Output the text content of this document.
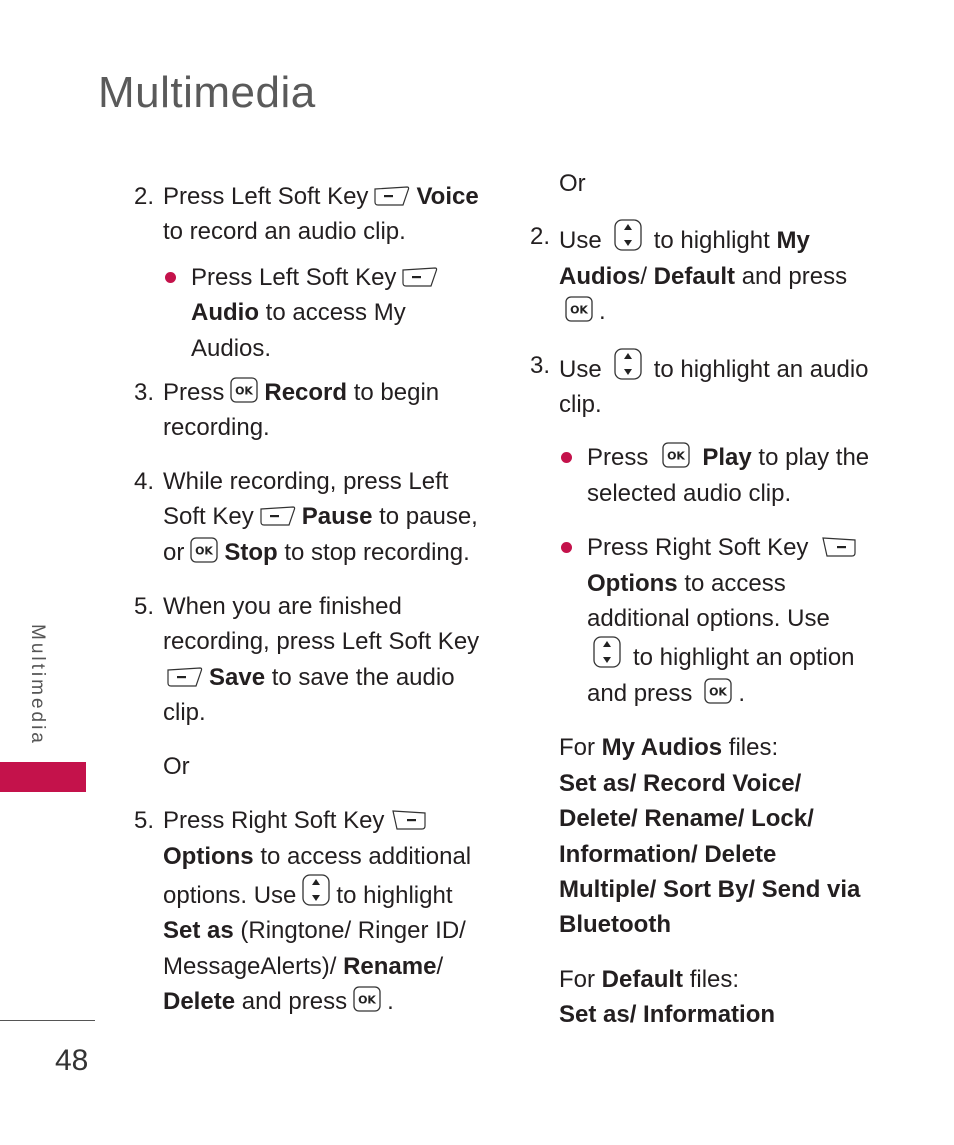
Multimedia
Multimedia
48

2. Press Left Soft Key Voice to record an audio clip.

Press Left Soft Key

Audio to access My Audios.

3. Press Record to begin recording.

4. While recording, press Left Soft Key Pause to pause, or Stop to stop recording.

5. When you are finished recording, press Left Soft Key

Save to save the audio clip.

Or

5. Press Right Soft Key

Options to access additional options. Use to highlight Set as (Ringtone/ Ringer ID/ MessageAlerts)/ Rename/
Delete and press .

Or

2. Use to highlight My Audios/ Default and press

.

3. Use to highlight an audio clip.

Press Play to play the selected audio clip.

Press Right Soft Key

Options to access additional options. Use

to highlight an option and press .

For My Audios files:

Set as/ Record Voice/ Delete/ Rename/ Lock/ Information/ Delete Multiple/ Sort By/ Send via Bluetooth

For Default files:

Set as/ Information
